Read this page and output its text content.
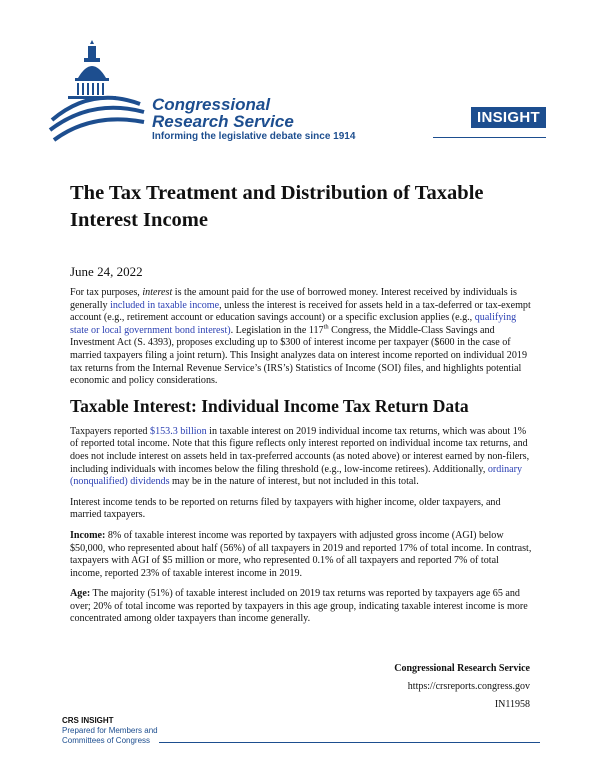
Congressional
Research Service
Informing the legislative debate since 1914
INSIGHT
The Tax Treatment and Distribution of Taxable Interest Income
June 24, 2022

For tax purposes, interest is the amount paid for the use of borrowed money. Interest received by individuals is generally included in taxable income, unless the interest is received for assets held in a tax-deferred or tax-exempt account (e.g., retirement account or education savings account) or a specific exclusion applies (e.g., qualifying state or local government bond interest). Legislation in the 117th Congress, the Middle-Class Savings and Investment Act (S. 4393), proposes excluding up to $300 of interest income per taxpayer ($600 in the case of married taxpayers filing a joint return). This Insight analyzes data on interest income reported on individual 2019 tax returns from the Internal Revenue Service’s (IRS’s) Statistics of Income (SOI) files, and highlights potential economic and policy considerations.

Taxable Interest: Individual Income Tax Return Data

Taxpayers reported $153.3 billion in taxable interest on 2019 individual income tax returns, which was about 1% of reported total income. Note that this figure reflects only interest reported on individual income tax returns, and does not include interest on assets held in tax-preferred accounts (as noted above) or interest earned by non-filers, including individuals with incomes below the filing threshold (e.g., low-income retirees). Additionally, ordinary (nonqualified) dividends may be in the nature of interest, but not included in this total.

Interest income tends to be reported on returns filed by taxpayers with higher income, older taxpayers, and married taxpayers.

Income: 8% of taxable interest income was reported by taxpayers with adjusted gross income (AGI) below $50,000, who represented about half (56%) of all taxpayers in 2019 and reported 17% of total income. In contrast, taxpayers with AGI of $5 million or more, who represented 0.1% of all taxpayers and reported 7% of total income, reported 23% of taxable interest income in 2019.

Age: The majority (51%) of taxable interest included on 2019 tax returns was reported by taxpayers age 65 and over; 20% of total income was reported by taxpayers in this age group, indicating taxable interest income is more concentrated among older taxpayers than income generally.

Congressional Research Service
https://crsreports.congress.gov
IN11958
CRS INSIGHT
Prepared for Members and
Committees of Congress
